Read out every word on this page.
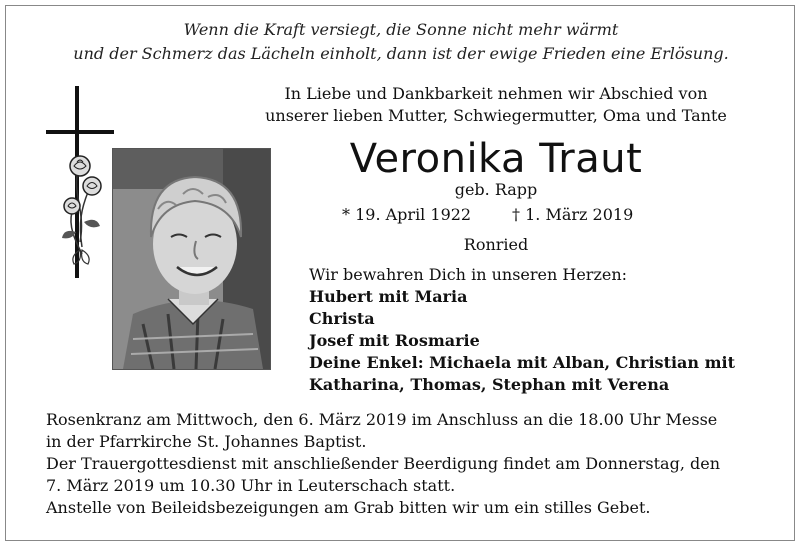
Wenn die Kraft versiegt, die Sonne nicht mehr wärmt
und der Schmerz das Lächeln einholt, dann ist der ewige Frieden eine Erlösung.
In Liebe und Dankbarkeit nehmen wir Abschied von
unserer lieben Mutter, Schwiegermutter, Oma und Tante
Veronika Traut
geb. Rapp
* 19. April 1922	† 1. März 2019
Ronried
Wir bewahren Dich in unseren Herzen:
Hubert mit Maria
Christa
Josef mit Rosmarie
Deine Enkel: Michaela mit Alban, Christian mit
Katharina, Thomas, Stephan mit Verena
Rosenkranz am Mittwoch, den 6. März 2019 im Anschluss an die 18.00 Uhr Messe
in der Pfarrkirche St. Johannes Baptist.
Der Trauergottesdienst mit anschließender Beerdigung findet am Donnerstag, den
7. März 2019 um 10.30 Uhr in Leuterschach statt.
Anstelle von Beileidsbezeigungen am Grab bitten wir um ein stilles Gebet.
